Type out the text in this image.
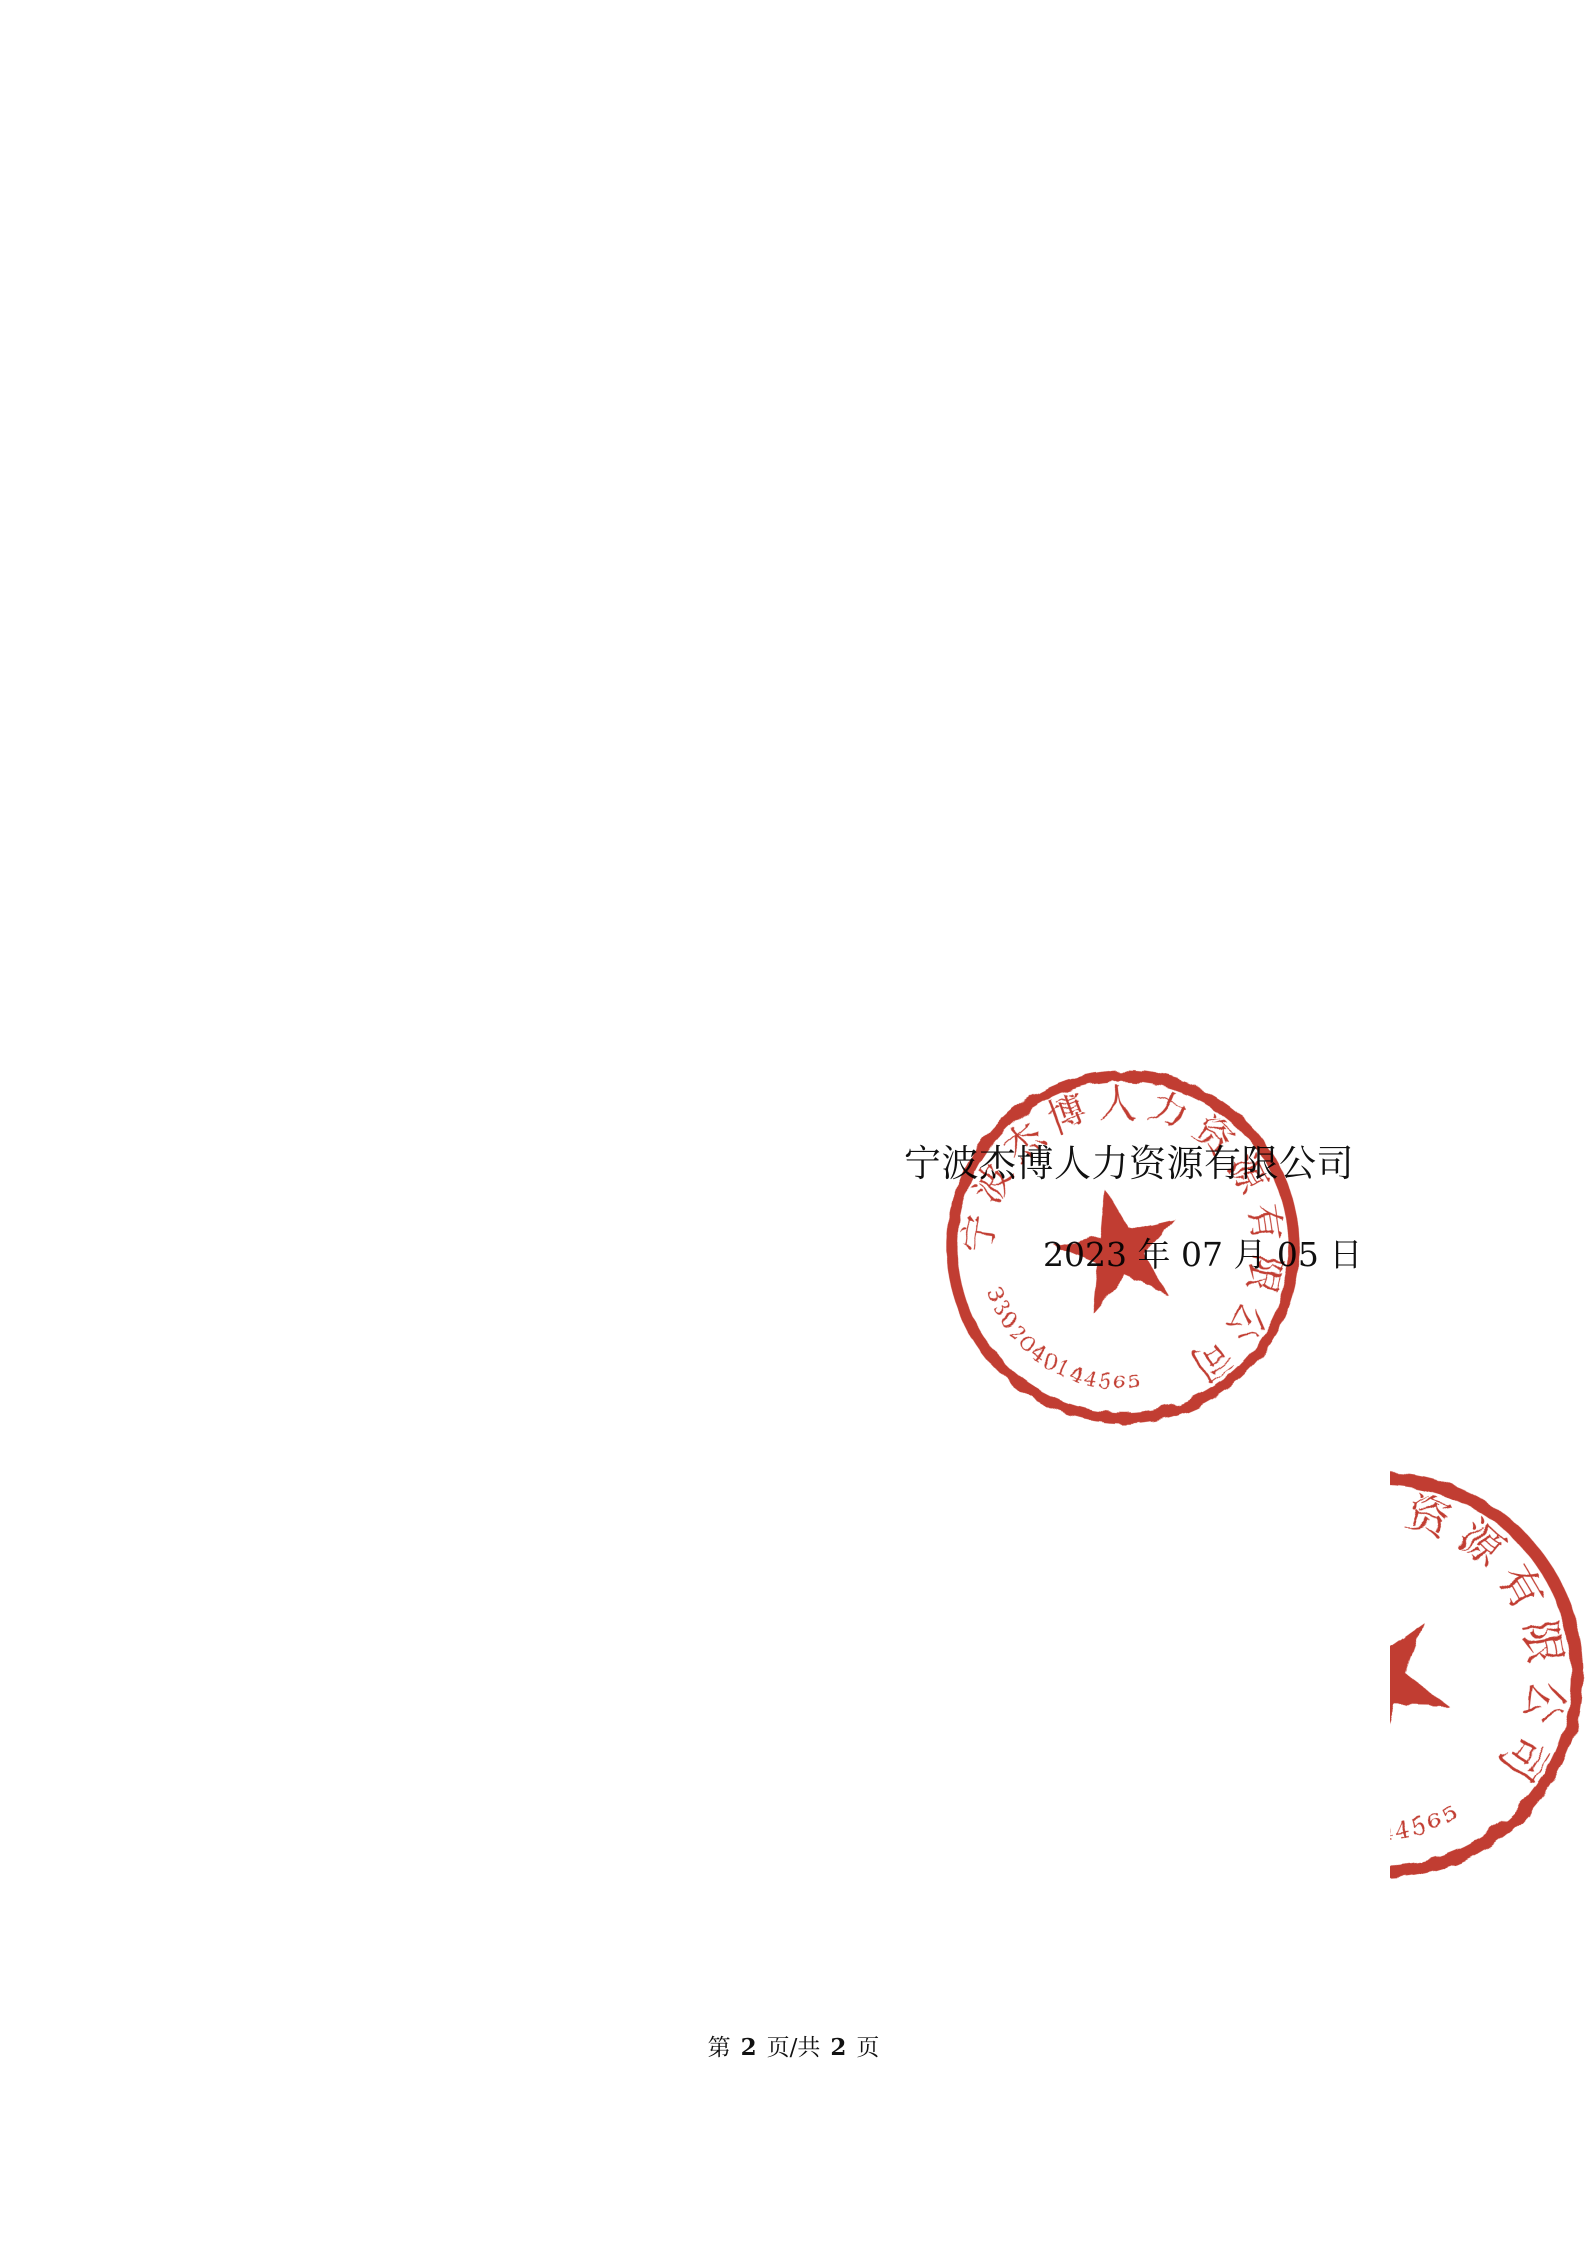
宁波杰博人力资源有限公司
2023 年 07 月 05 日
第 2 页/共 2 页
